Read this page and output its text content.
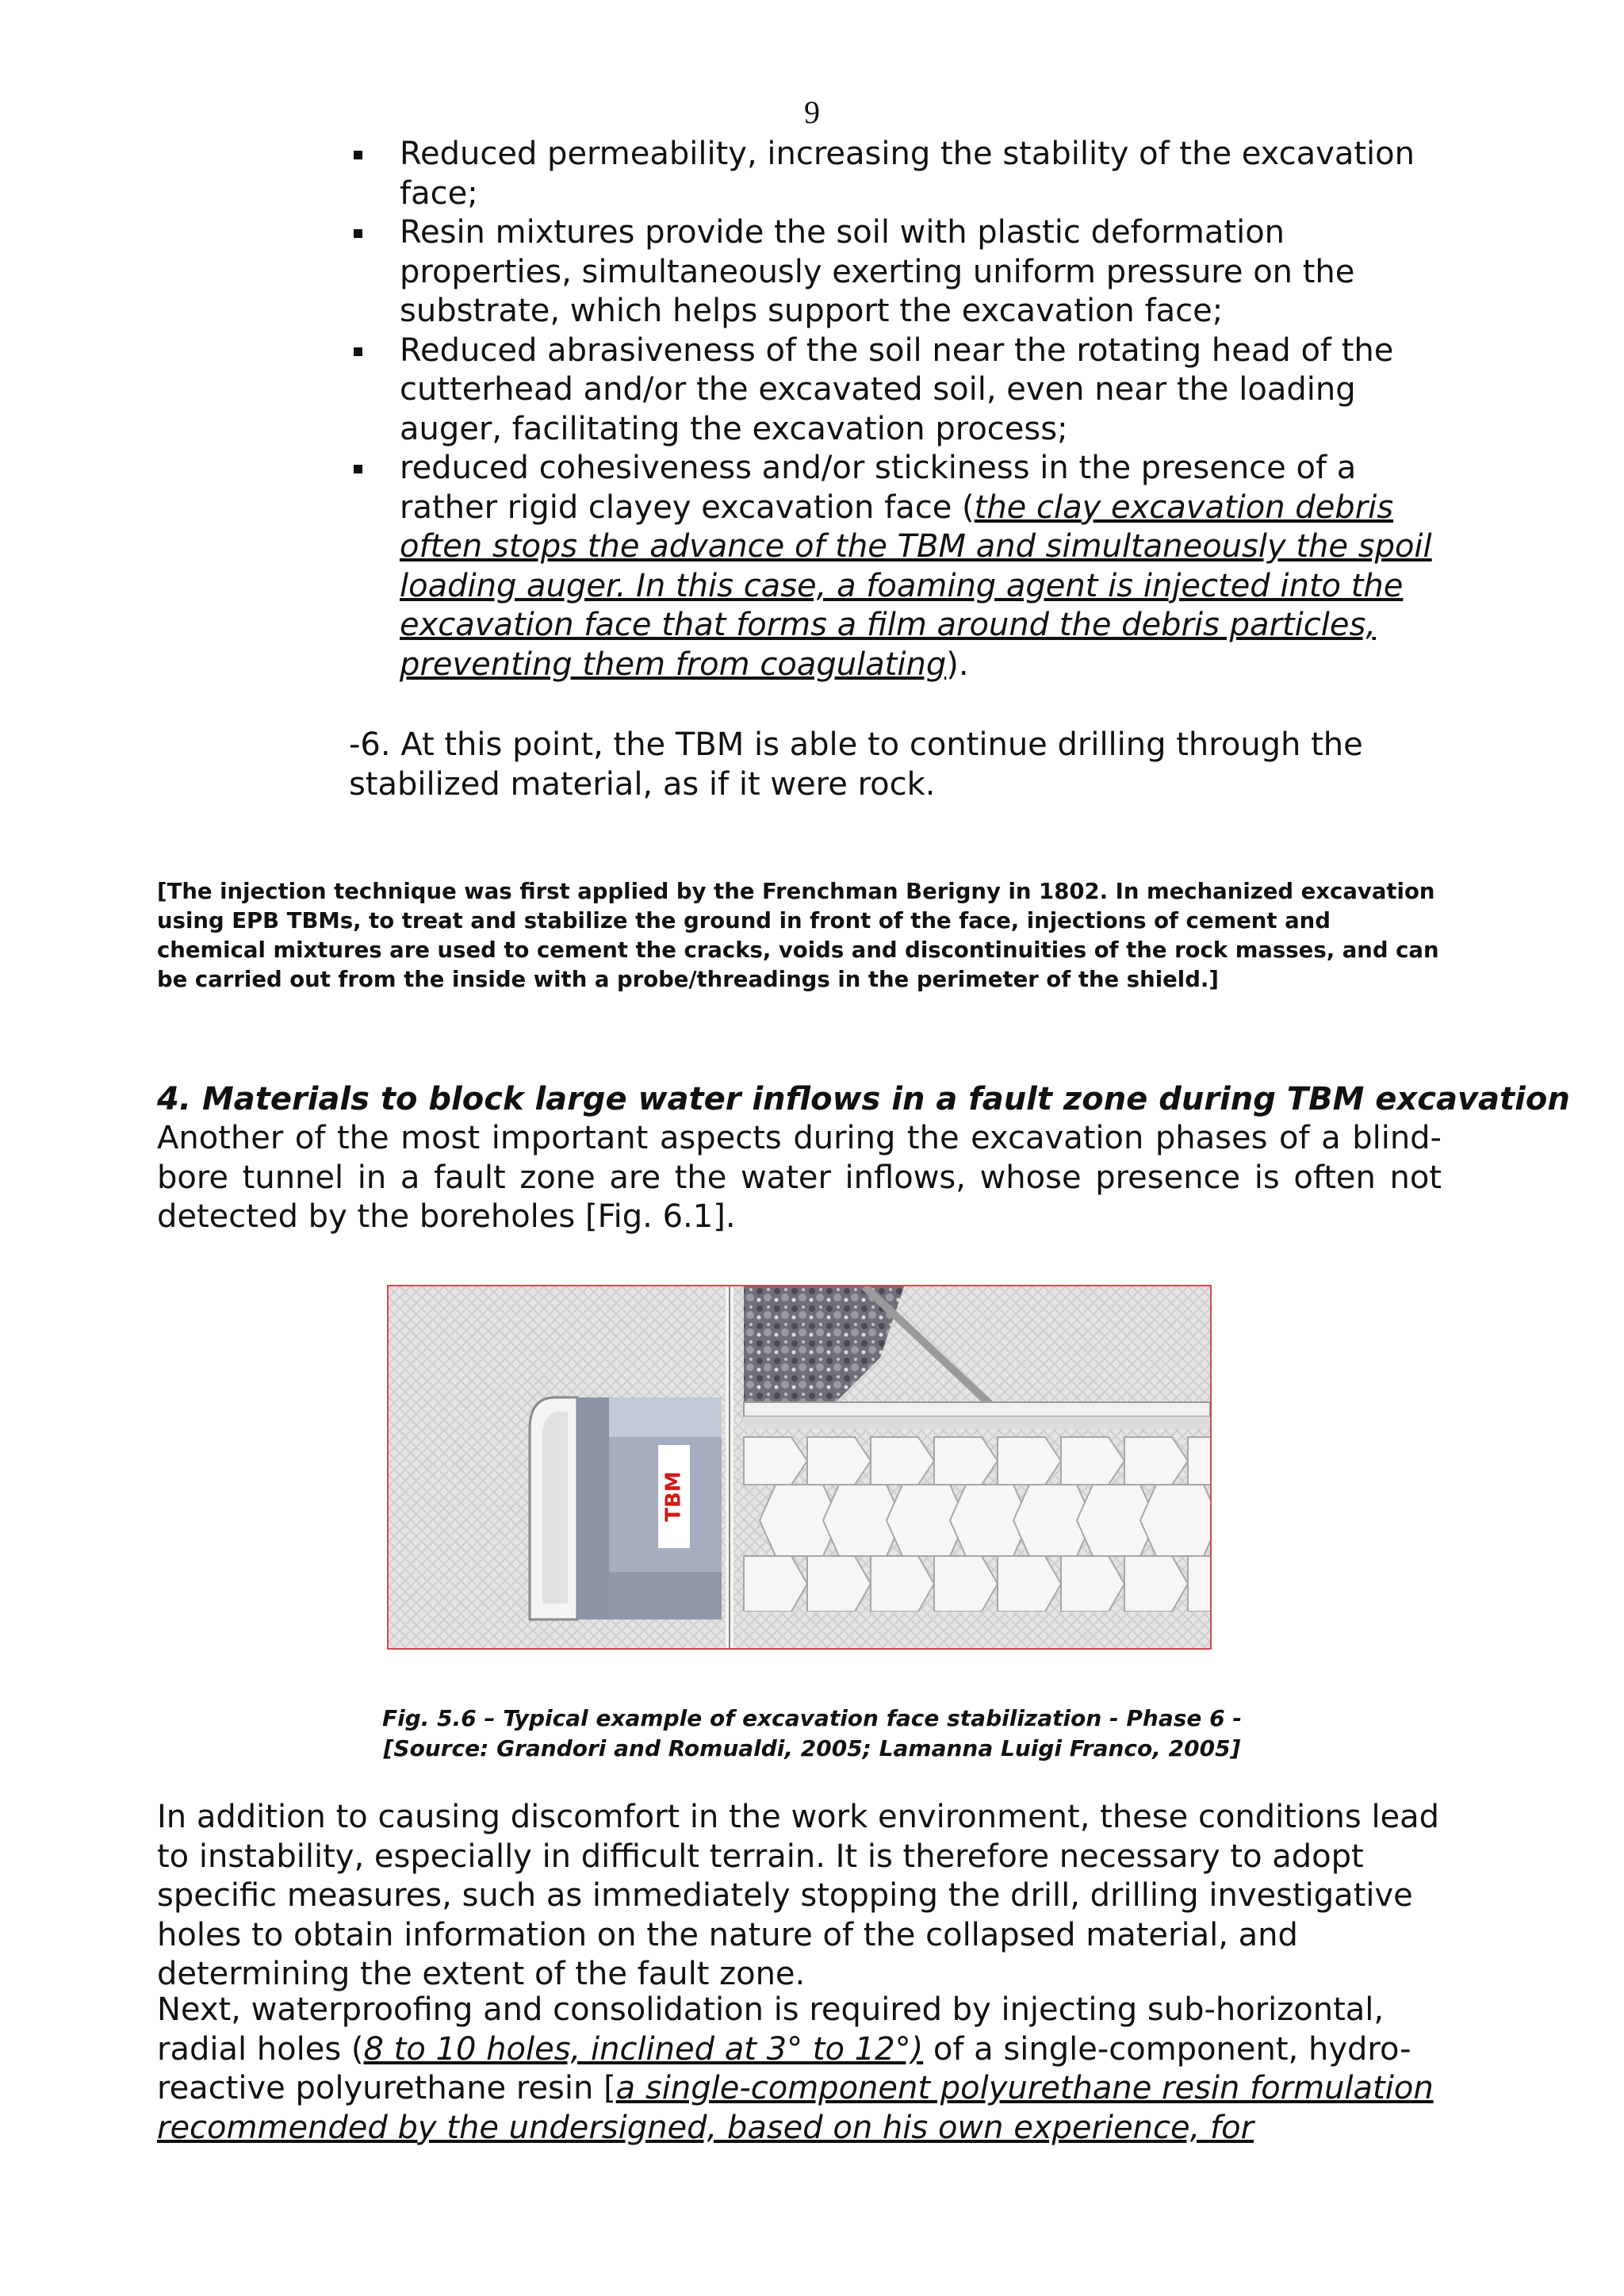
9
Reduced permeability, increasing the stability of the excavation face;
Resin mixtures provide the soil with plastic deformation properties, simultaneously exerting uniform pressure on the substrate, which helps support the excavation face;
Reduced abrasiveness of the soil near the rotating head of the cutterhead and/or the excavated soil, even near the loading auger, facilitating the excavation process;
reduced cohesiveness and/or stickiness in the presence of a rather rigid clayey excavation face (the clay excavation debris often stops the advance of the TBM and simultaneously the spoil loading auger. In this case, a foaming agent is injected into the excavation face that forms a film around the debris particles, preventing them from coagulating).

-6. At this point, the TBM is able to continue drilling through the stabilized material, as if it were rock.

[The injection technique was first applied by the Frenchman Berigny in 1802. In mechanized excavation using EPB TBMs, to treat and stabilize the ground in front of the face, injections of cement and chemical mixtures are used to cement the cracks, voids and discontinuities of the rock masses, and can be carried out from the inside with a probe/threadings in the perimeter of the shield.]

4. Materials to block large water inflows in a fault zone during TBM excavation

Another of the most important aspects during the excavation phases of a blind-bore tunnel in a fault zone are the water inflows, whose presence is often not detected by the boreholes [Fig. 6.1].

TBM

Fig. 5.6 – Typical example of excavation face stabilization - Phase 6 -
[Source: Grandori and Romualdi, 2005; Lamanna Luigi Franco, 2005]

In addition to causing discomfort in the work environment, these conditions lead to instability, especially in difficult terrain. It is therefore necessary to adopt specific measures, such as immediately stopping the drill, drilling investigative holes to obtain information on the nature of the collapsed material, and determining the extent of the fault zone.

Next, waterproofing and consolidation is required by injecting sub-horizontal, radial holes (8 to 10 holes, inclined at 3° to 12°) of a single-component, hydro-reactive polyurethane resin [a single-component polyurethane resin formulation recommended by the undersigned, based on his own experience, for
